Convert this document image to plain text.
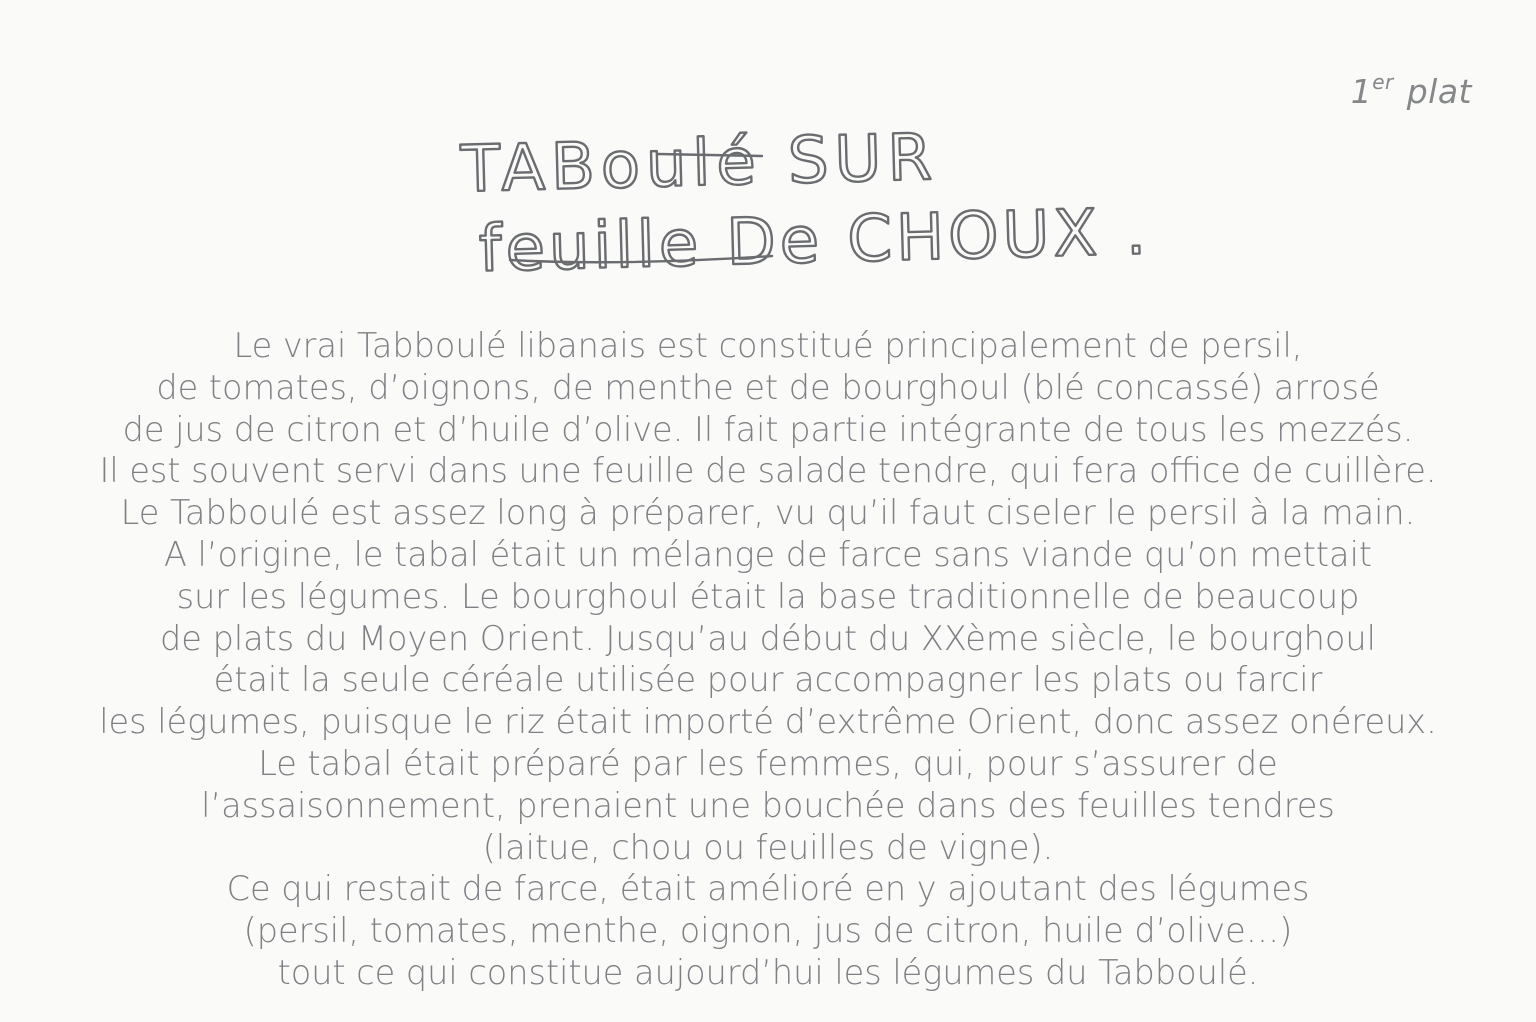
1er plat
TABoulé SUR
feuille De CHOUX .
Le vrai Tabboulé libanais est constitué principalement de persil,
de tomates, d’oignons, de menthe et de bourghoul (blé concassé) arrosé
de jus de citron et d’huile d’olive. Il fait partie intégrante de tous les mezzés.
Il est souvent servi dans une feuille de salade tendre, qui fera office de cuillère.
Le Tabboulé est assez long à préparer, vu qu’il faut ciseler le persil à la main.
A l’origine, le tabal était un mélange de farce sans viande qu’on mettait
sur les légumes. Le bourghoul était la base traditionnelle de beaucoup
de plats du Moyen Orient. Jusqu’au début du XXème siècle, le bourghoul
était la seule céréale utilisée pour accompagner les plats ou farcir
les légumes, puisque le riz était importé d’extrême Orient, donc assez onéreux.
Le tabal était préparé par les femmes, qui, pour s’assurer de
l’assaisonnement, prenaient une bouchée dans des feuilles tendres
(laitue, chou ou feuilles de vigne).
Ce qui restait de farce, était amélioré en y ajoutant des légumes
(persil, tomates, menthe, oignon, jus de citron, huile d’olive…)
tout ce qui constitue aujourd’hui les légumes du Tabboulé.
